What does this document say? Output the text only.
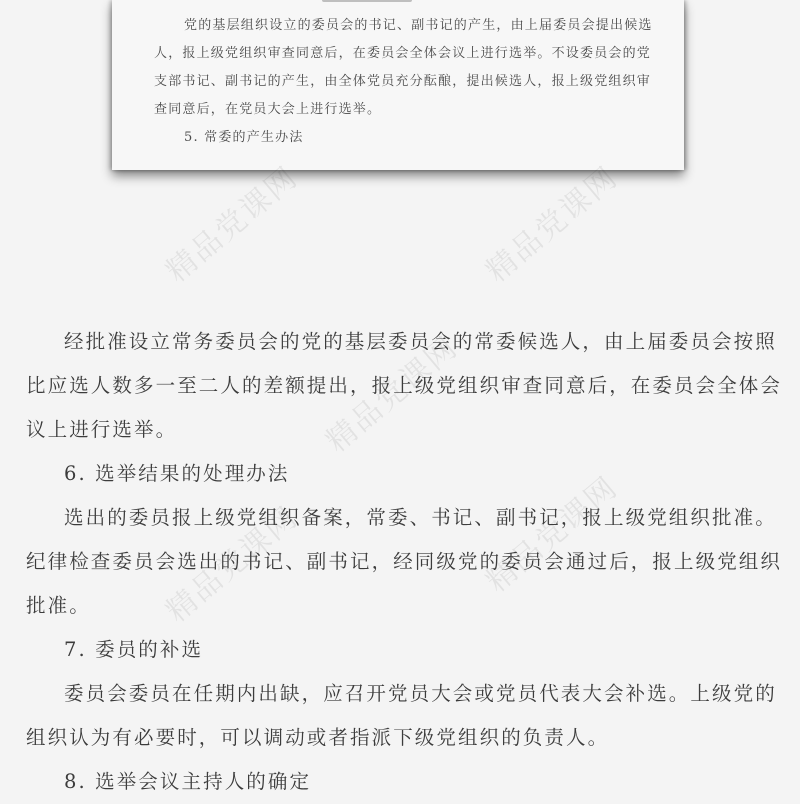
党的基层组织设立的委员会的书记、副书记的产生，由上届委员会提出候选
人，报上级党组织审查同意后，在委员会全体会议上进行选举。不设委员会的党
支部书记、副书记的产生，由全体党员充分酝酿，提出候选人，报上级党组织审
查同意后，在党员大会上进行选举。
5. 常委的产生办法
精品党课网	精品党课网
精品党课网
精品党课网	精品党课网
经批准设立常务委员会的党的基层委员会的常委候选人，由上届委员会按照
比应选人数多一至二人的差额提出，报上级党组织审查同意后，在委员会全体会
议上进行选举。
6. 选举结果的处理办法
选出的委员报上级党组织备案，常委、书记、副书记，报上级党组织批准。
纪律检查委员会选出的书记、副书记，经同级党的委员会通过后，报上级党组织
批准。
7. 委员的补选
委员会委员在任期内出缺，应召开党员大会或党员代表大会补选。上级党的
组织认为有必要时，可以调动或者指派下级党组织的负责人。
8. 选举会议主持人的确定
